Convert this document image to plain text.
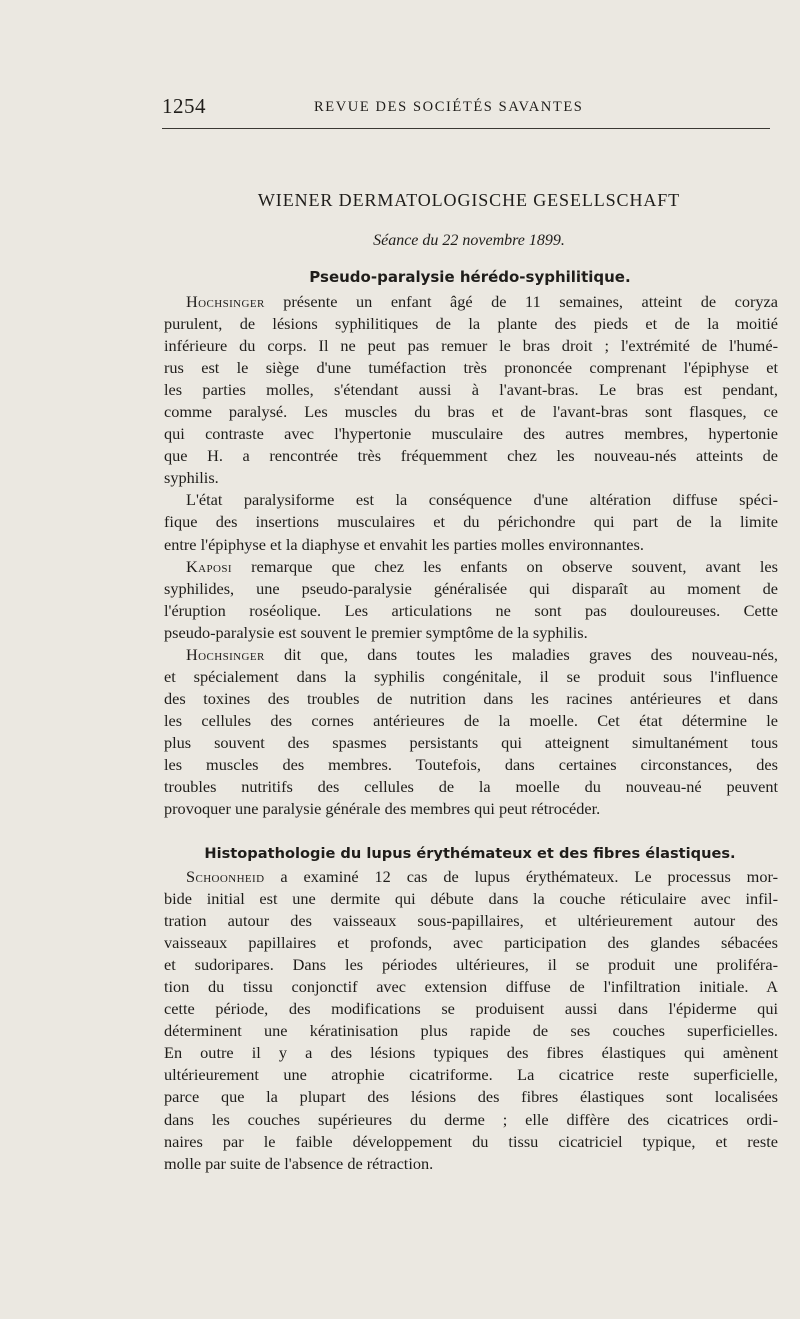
1254	REVUE DES SOCIÉTÉS SAVANTES
WIENER DERMATOLOGISCHE GESELLSCHAFT
Séance du 22 novembre 1899.
Pseudo-paralysie hérédo-syphilitique.
Hochsinger présente un enfant âgé de 11 semaines, atteint de coryza
purulent, de lésions syphilitiques de la plante des pieds et de la moitié
inférieure du corps. Il ne peut pas remuer le bras droit ; l'extrémité de l'humé-
rus est le siège d'une tuméfaction très prononcée comprenant l'épiphyse et
les parties molles, s'étendant aussi à l'avant-bras. Le bras est pendant,
comme paralysé. Les muscles du bras et de l'avant-bras sont flasques, ce
qui contraste avec l'hypertonie musculaire des autres membres, hypertonie
que H. a rencontrée très fréquemment chez les nouveau-nés atteints de
syphilis.
L'état paralysiforme est la conséquence d'une altération diffuse spéci-
fique des insertions musculaires et du périchondre qui part de la limite
entre l'épiphyse et la diaphyse et envahit les parties molles environnantes.
Kaposi remarque que chez les enfants on observe souvent, avant les
syphilides, une pseudo-paralysie généralisée qui disparaît au moment de
l'éruption roséolique. Les articulations ne sont pas douloureuses. Cette
pseudo-paralysie est souvent le premier symptôme de la syphilis.
Hochsinger dit que, dans toutes les maladies graves des nouveau-nés,
et spécialement dans la syphilis congénitale, il se produit sous l'influence
des toxines des troubles de nutrition dans les racines antérieures et dans
les cellules des cornes antérieures de la moelle. Cet état détermine le
plus souvent des spasmes persistants qui atteignent simultanément tous
les muscles des membres. Toutefois, dans certaines circonstances, des
troubles nutritifs des cellules de la moelle du nouveau-né peuvent
provoquer une paralysie générale des membres qui peut rétrocéder.
Histopathologie du lupus érythémateux et des fibres élastiques.
Schoonheid a examiné 12 cas de lupus érythémateux. Le processus mor-
bide initial est une dermite qui débute dans la couche réticulaire avec infil-
tration autour des vaisseaux sous-papillaires, et ultérieurement autour des
vaisseaux papillaires et profonds, avec participation des glandes sébacées
et sudoripares. Dans les périodes ultérieures, il se produit une proliféra-
tion du tissu conjonctif avec extension diffuse de l'infiltration initiale. A
cette période, des modifications se produisent aussi dans l'épiderme qui
déterminent une kératinisation plus rapide de ses couches superficielles.
En outre il y a des lésions typiques des fibres élastiques qui amènent
ultérieurement une atrophie cicatriforme. La cicatrice reste superficielle,
parce que la plupart des lésions des fibres élastiques sont localisées
dans les couches supérieures du derme ; elle diffère des cicatrices ordi-
naires par le faible développement du tissu cicatriciel typique, et reste
molle par suite de l'absence de rétraction.
